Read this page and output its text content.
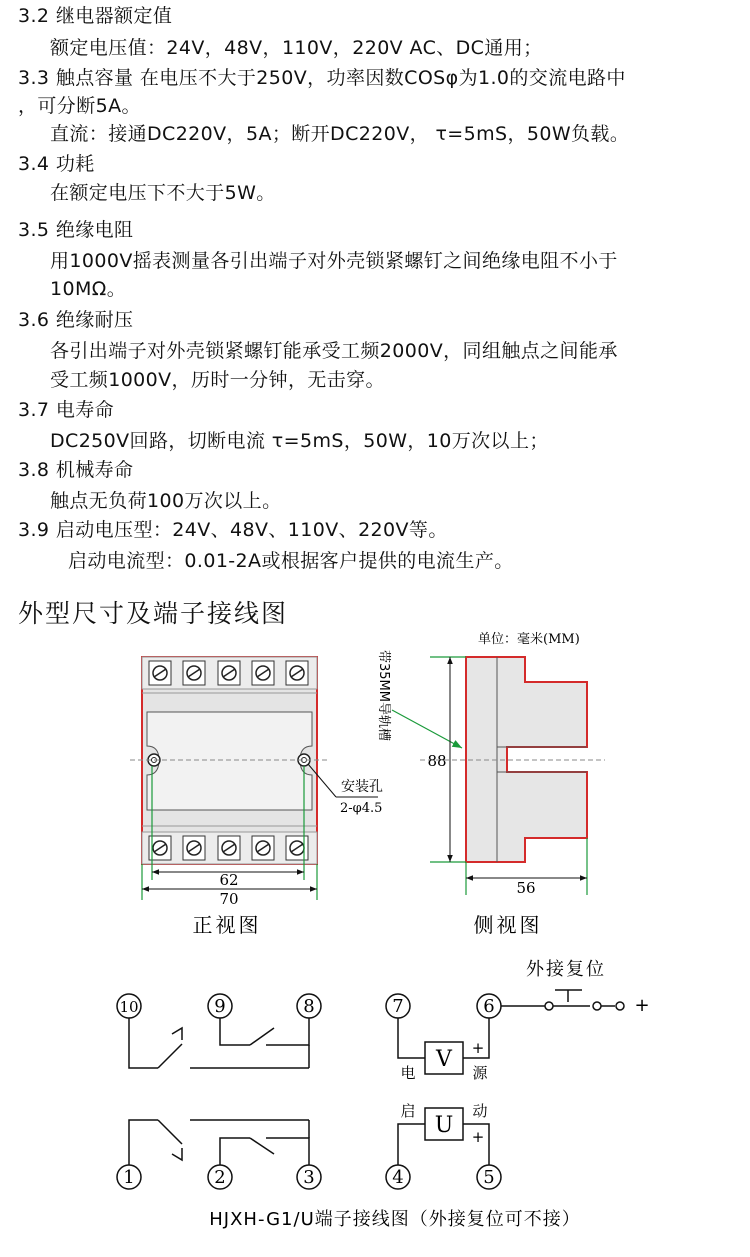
3.2 继电器额定值
额定电压值：24V，48V，110V，220V AC、DC通用；
3.3 触点容量 在电压不大于250V，功率因数COSφ为1.0的交流电路中
，可分断5A。
直流：接通DC220V，5A；断开DC220V， τ=5mS，50W负载。
3.4 功耗
在额定电压下不大于5W。
3.5 绝缘电阻
用1000V摇表测量各引出端子对外壳锁紧螺钉之间绝缘电阻不小于
10MΩ。
3.6 绝缘耐压
各引出端子对外壳锁紧螺钉能承受工频2000V，同组触点之间能承
受工频1000V，历时一分钟，无击穿。
3.7 电寿命
DC250V回路，切断电流 τ=5mS，50W，10万次以上；
3.8 机械寿命
触点无负荷100万次以上。
3.9 启动电压型：24V、48V、110V、220V等。
启动电流型：0.01-2A或根据客户提供的电流生产。
外型尺寸及端子接线图
62
70
安装孔
2-φ4.5
正视图
单位：毫米(MM)
带35MM导轨槽
88
56
侧视图
10	9	8	7	6
1	2	3	4	5
V
U
外接复位
+
电	源
+
启	动
+
HJXH-G1/U端子接线图（外接复位可不接）
